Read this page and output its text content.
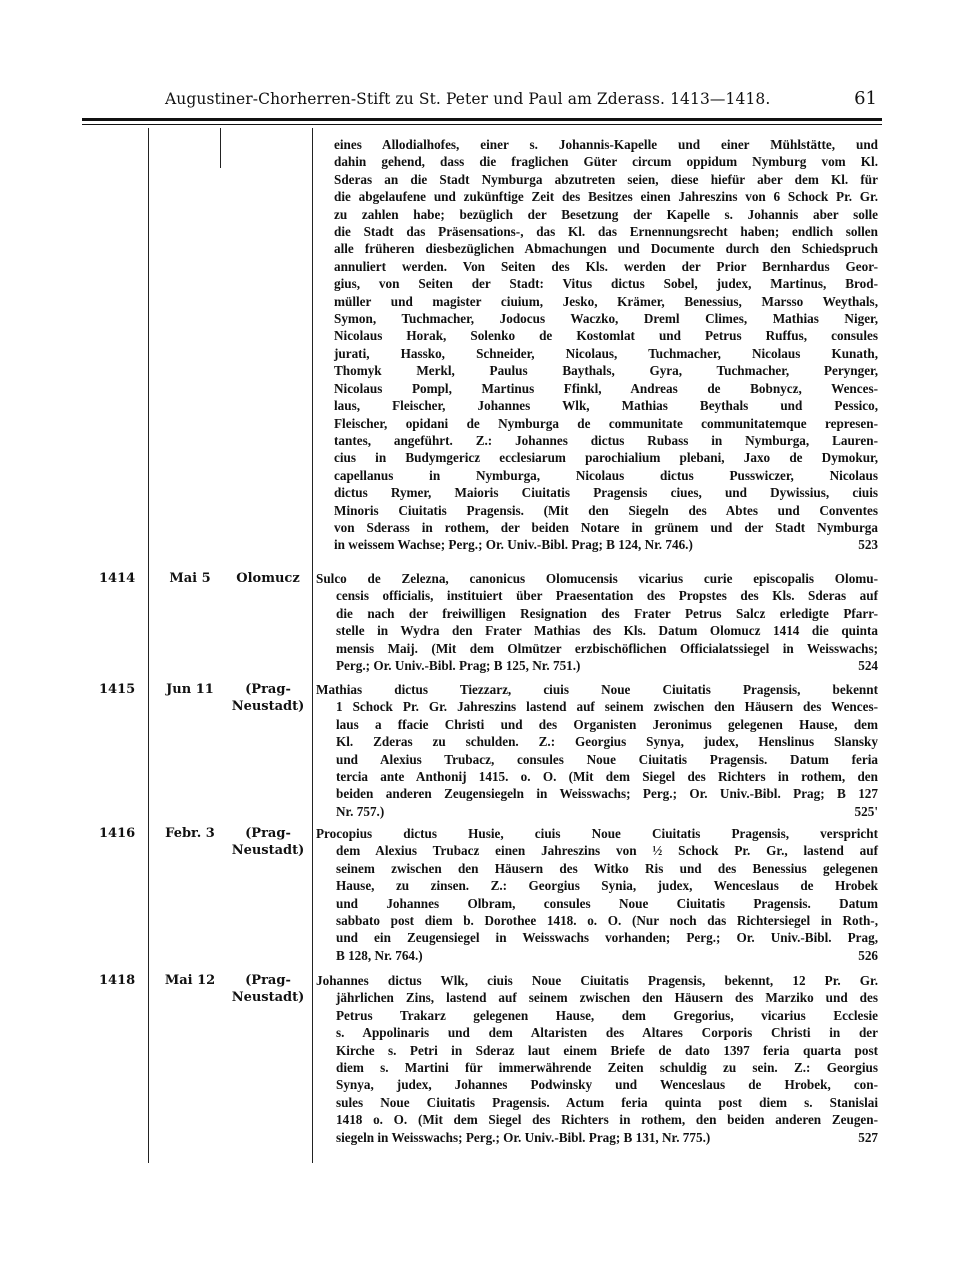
Augustiner-Chorherren-Stift zu St. Peter und Paul am Zderass. 1413—1418.	61
eines Allodialhofes, einer s. Johannis-Kapelle und einer Mühlstätte, und
dahin gehend, dass die fraglichen Güter circum oppidum Nymburg vom Kl.
Sderas an die Stadt Nymburga abzutreten seien, diese hiefür aber dem Kl. für
die abgelaufene und zukünftige Zeit des Besitzes einen Jahreszins von 6 Schock Pr. Gr.
zu zahlen habe; bezüglich der Besetzung der Kapelle s. Johannis aber solle
die Stadt das Präsensations-, das Kl. das Ernennungsrecht haben; endlich sollen
alle früheren diesbezüglichen Abmachungen und Documente durch den Schiedspruch
annuliert werden. Von Seiten des Kls. werden der Prior Bernhardus Geor-
gius, von Seiten der Stadt: Vitus dictus Sobel, judex, Martinus, Brod-
müller und magister ciuium, Jesko, Krämer, Benessius, Marsso Weythals,
Symon, Tuchmacher, Jodocus Waczko, Dreml Climes, Mathias Niger,
Nicolaus Horak, Solenko de Kostomlat und Petrus Ruffus, consules
jurati, Hassko, Schneider, Nicolaus, Tuchmacher, Nicolaus Kunath,
Thomyk Merkl, Paulus Baythals, Gyra, Tuchmacher, Perynger,
Nicolaus Pompl, Martinus Ffinkl, Andreas de Bobnycz, Wences-
laus, Fleischer, Johannes Wlk, Mathias Beythals und Pessico,
Fleischer, opidani de Nymburga de communitate communitatemque represen-
tantes, angeführt. Z.: Johannes dictus Rubass in Nymburga, Lauren-
cius in Budymgericz ecclesiarum parochialium plebani, Jaxo de Dymokur,
capellanus in Nymburga, Nicolaus dictus Pusswiczer, Nicolaus
dictus Rymer, Maioris Ciuitatis Pragensis ciues, und Dywissius, ciuis
Minoris Ciuitatis Pragensis. (Mit den Siegeln des Abtes und Conventes
von Sderass in rothem, der beiden Notare in grünem und der Stadt Nymburga
in weissem Wachse; Perg.; Or. Univ.-Bibl. Prag; B 124, Nr. 746.)	523
1414	Mai 5	Olomucz	Sulco de Zelezna, canonicus Olomucensis vicarius curie episcopalis Olomu-
censis officialis, instituiert über Praesentation des Propstes des Kls. Sderas auf
die nach der freiwilligen Resignation des Frater Petrus Salcz erledigte Pfarr-
stelle in Wydra den Frater Mathias des Kls. Datum Olomucz 1414 die quinta
mensis Maij. (Mit dem Olmützer erzbischöflichen Officialatssiegel in Weisswachs;
Perg.; Or. Univ.-Bibl. Prag; B 125, Nr. 751.)	524
1415	Jun 11	(Prag-
Neustadt)
Mathias dictus Tiezzarz, ciuis Noue Ciuitatis Pragensis, bekennt
1 Schock Pr. Gr. Jahreszins lastend auf seinem zwischen den Häusern des Wences-
laus a ffacie Christi und des Organisten Jeronimus gelegenen Hause, dem
Kl. Zderas zu schulden. Z.: Georgius Synya, judex, Henslinus Slansky
und Alexius Trubacz, consules Noue Ciuitatis Pragensis. Datum feria
tercia ante Anthonij 1415. o. O. (Mit dem Siegel des Richters in rothem, den
beiden anderen Zeugensiegeln in Weisswachs; Perg.; Or. Univ.-Bibl. Prag; B 127
Nr. 757.)	525'
1416	Febr. 3	(Prag-
Neustadt)
Procopius dictus Husie, ciuis Noue Ciuitatis Pragensis, verspricht
dem Alexius Trubacz einen Jahreszins von ½ Schock Pr. Gr., lastend auf
seinem zwischen den Häusern des Witko Ris und des Benessius gelegenen
Hause, zu zinsen. Z.: Georgius Synia, judex, Wenceslaus de Hrobek
und Johannes Olbram, consules Noue Ciuitatis Pragensis. Datum
sabbato post diem b. Dorothee 1418. o. O. (Nur noch das Richtersiegel in Roth-,
und ein Zeugensiegel in Weisswachs vorhanden; Perg.; Or. Univ.-Bibl. Prag,
B 128, Nr. 764.)	526
1418	Mai 12	(Prag-
Neustadt)
Johannes dictus Wlk, ciuis Noue Ciuitatis Pragensis, bekennt, 12 Pr. Gr.
jährlichen Zins, lastend auf seinem zwischen den Häusern des Marziko und des
Petrus Trakarz gelegenen Hause, dem Gregorius, vicarius Ecclesie
s. Appolinaris und dem Altaristen des Altares Corporis Christi in der
Kirche s. Petri in Sderaz laut einem Briefe de dato 1397 feria quarta post
diem s. Martini für immerwährende Zeiten schuldig zu sein. Z.: Georgius
Synya, judex, Johannes Podwinsky und Wenceslaus de Hrobek, con-
sules Noue Ciuitatis Pragensis. Actum feria quinta post diem s. Stanislai
1418 o. O. (Mit dem Siegel des Richters in rothem, den beiden anderen Zeugen-
siegeln in Weisswachs; Perg.; Or. Univ.-Bibl. Prag; B 131, Nr. 775.)	527
